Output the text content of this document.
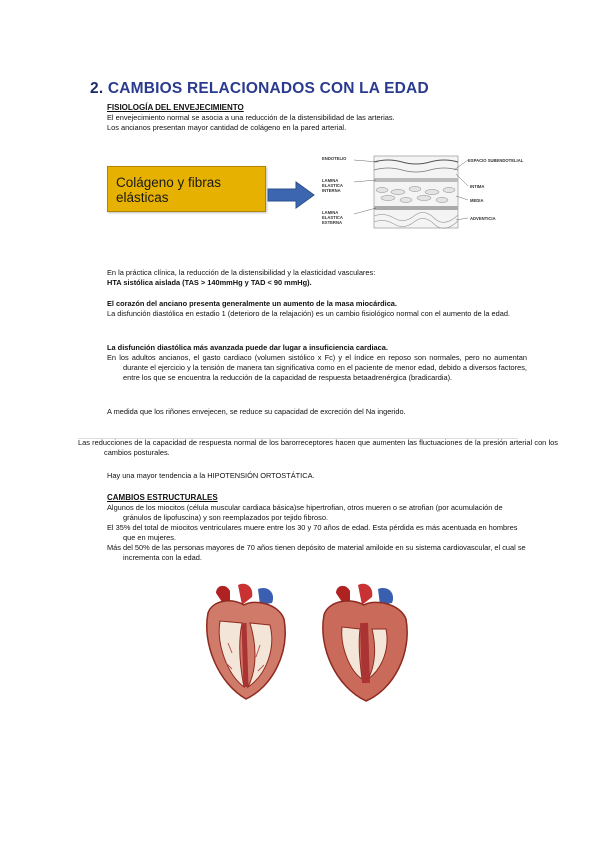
2. CAMBIOS RELACIONADOS CON LA EDAD
FISIOLOGÍA DEL ENVEJECIMIENTO
El envejecimiento normal se asocia a una reducción de la distensibilidad de las arterias.
Los ancianos presentan mayor cantidad de colágeno en la pared arterial.
Colágeno y fibras elásticas
ENDOTELIO
LAMINA ELASTICA INTERNA
LAMINA ELASTICA EXTERNA
ESPACIO SUBENDOTELIAL
INTIMA
MEDIA
ADVENTICIA
En la práctica clínica, la reducción de la distensibilidad y la elasticidad vasculares:
HTA sistólica aislada (TAS > 140mmHg y TAD < 90 mmHg).
El corazón del anciano presenta generalmente un aumento de la masa miocárdica.
La disfunción diastólica en estadio 1 (deterioro de la relajación) es un cambio fisiológico normal con el aumento de la edad.
La disfunción diastólica más avanzada puede dar lugar a insuficiencia cardiaca.
En los adultos ancianos, el gasto cardiaco (volumen sistólico x Fc) y el índice en reposo son normales, pero no aumentan durante el ejercicio y la tensión de manera tan significativa como en el paciente de menor edad, debido a diversos factores, entre los que se encuentra la reducción de la capacidad de respuesta betaadrenérgica (bradicardia).
A medida que los riñones envejecen, se reduce su capacidad de excreción del Na ingerido.
Las reducciones de la capacidad de respuesta normal de los barorreceptores hacen que aumenten las fluctuaciones de la presión arterial con los cambios posturales.
Hay una mayor tendencia a la HIPOTENSIÓN ORTOSTÁTICA.
CAMBIOS ESTRUCTURALES
Algunos de los miocitos (célula muscular cardiaca básica)se hipertrofian, otros mueren o se atrofian (por acumulación de gránulos de lipofuscina) y son reemplazados por tejido fibroso.
El 35% del total de miocitos ventriculares muere entre los 30 y 70 años de edad. Esta pérdida es más acentuada en hombres que en mujeres.
Más del 50% de las personas mayores de 70 años tienen depósito de material amiloide en su sistema cardiovascular, el cual se incrementa con la edad.
